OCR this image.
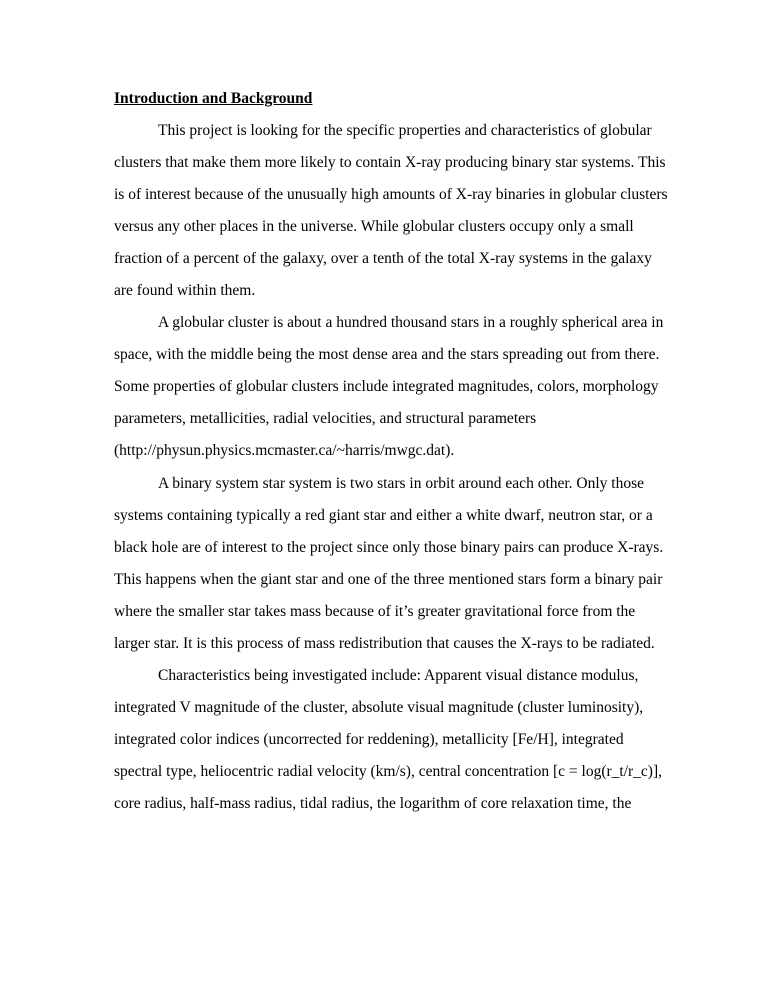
Introduction and Background

This project is looking for the specific properties and characteristics of globular
clusters that make them more likely to contain X-ray producing binary star systems. This
is of interest because of the unusually high amounts of X-ray binaries in globular clusters
versus any other places in the universe. While globular clusters occupy only a small
fraction of a percent of the galaxy, over a tenth of the total X-ray systems in the galaxy
are found within them.
A globular cluster is about a hundred thousand stars in a roughly spherical area in
space, with the middle being the most dense area and the stars spreading out from there.
Some properties of globular clusters include integrated magnitudes, colors, morphology
parameters, metallicities, radial velocities, and structural parameters
(http://physun.physics.mcmaster.ca/~harris/mwgc.dat).
A binary system star system is two stars in orbit around each other. Only those
systems containing typically a red giant star and either a white dwarf, neutron star, or a
black hole are of interest to the project since only those binary pairs can produce X-rays.
This happens when the giant star and one of the three mentioned stars form a binary pair
where the smaller star takes mass because of it’s greater gravitational force from the
larger star. It is this process of mass redistribution that causes the X-rays to be radiated.
Characteristics being investigated include: Apparent visual distance modulus,
integrated V magnitude of the cluster, absolute visual magnitude (cluster luminosity),
integrated color indices (uncorrected for reddening), metallicity [Fe/H], integrated
spectral type, heliocentric radial velocity (km/s), central concentration [c = log(r_t/r_c)],
core radius, half-mass radius, tidal radius, the logarithm of core relaxation time, the
